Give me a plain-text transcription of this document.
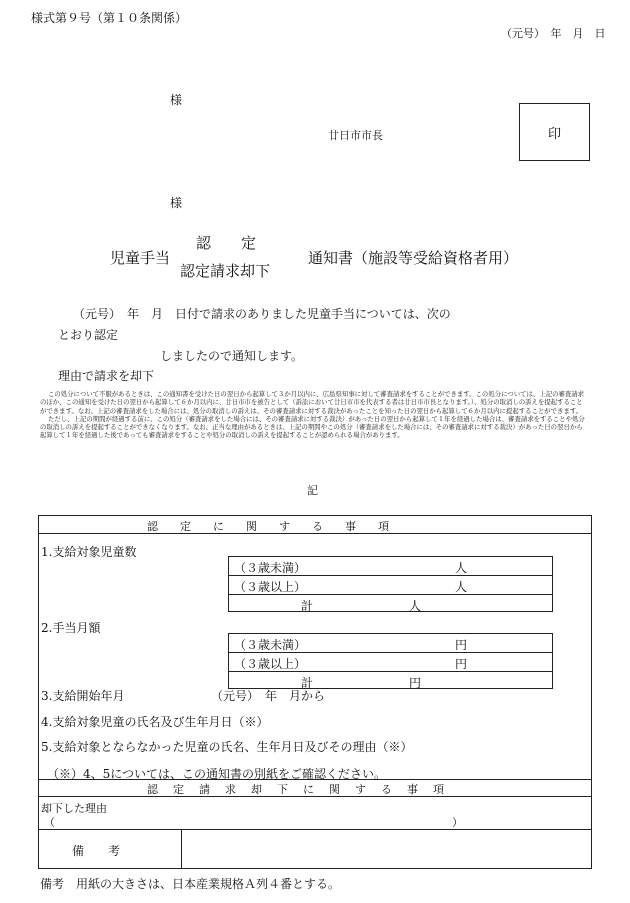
様式第９号（第１０条関係）
（元号）　年　月　日
様
廿日市市長	印
様
児童手当
認　　定
認定請求却下
通知書（施設等受給資格者用）
（元号）　年　月　日付で請求のありました児童手当については、次の
とおり認定
しましたので通知します。
理由で請求を却下

この処分について不服があるときは、この通知書を受けた日の翌日から起算して３か月以内に、広島県知事に対して審査請求をすることができます。この処分については、上記の審査請求のほか、この通知を受けた日の翌日から起算して６か月以内に、廿日市市を被告として（訴訟において廿日市市を代表する者は廿日市市長となります。）、処分の取消しの訴えを提起することができます。なお、上記の審査請求をした場合には、処分の取消しの訴えは、その審査請求に対する裁決があったことを知った日の翌日から起算して６か月以内に提起することができます。

ただし、上記の期間が経過する前に、この処分（審査請求をした場合には、その審査請求に対する裁決）があった日の翌日から起算して１年を経過した場合は、審査請求をすることや処分の取消しの訴えを提起することができなくなります。なお、正当な理由があるときは、上記の期間やこの処分（審査請求をした場合には、その審査請求に対する裁決）があった日の翌日から起算して１年を経過した後であっても審査請求をすることや処分の取消しの訴えを提起することが認められる場合があります。

記
認定に関する事項
1.支給対象児童数
（３歳未満）	人
（３歳以上）	人
計	人
2.手当月額
（３歳未満）	円
（３歳以上）	円
計	円
3.支給開始年月	（元号）　年　月から
4.支給対象児童の氏名及び生年月日（※）
5.支給対象とならなかった児童の氏名、生年月日及びその理由（※）
（※）4、5については、この通知書の別紙をご確認ください。
認定請求却下に関する事項
却下した理由
（	）
備　　考
備考　用紙の大きさは、日本産業規格Ａ列４番とする。
